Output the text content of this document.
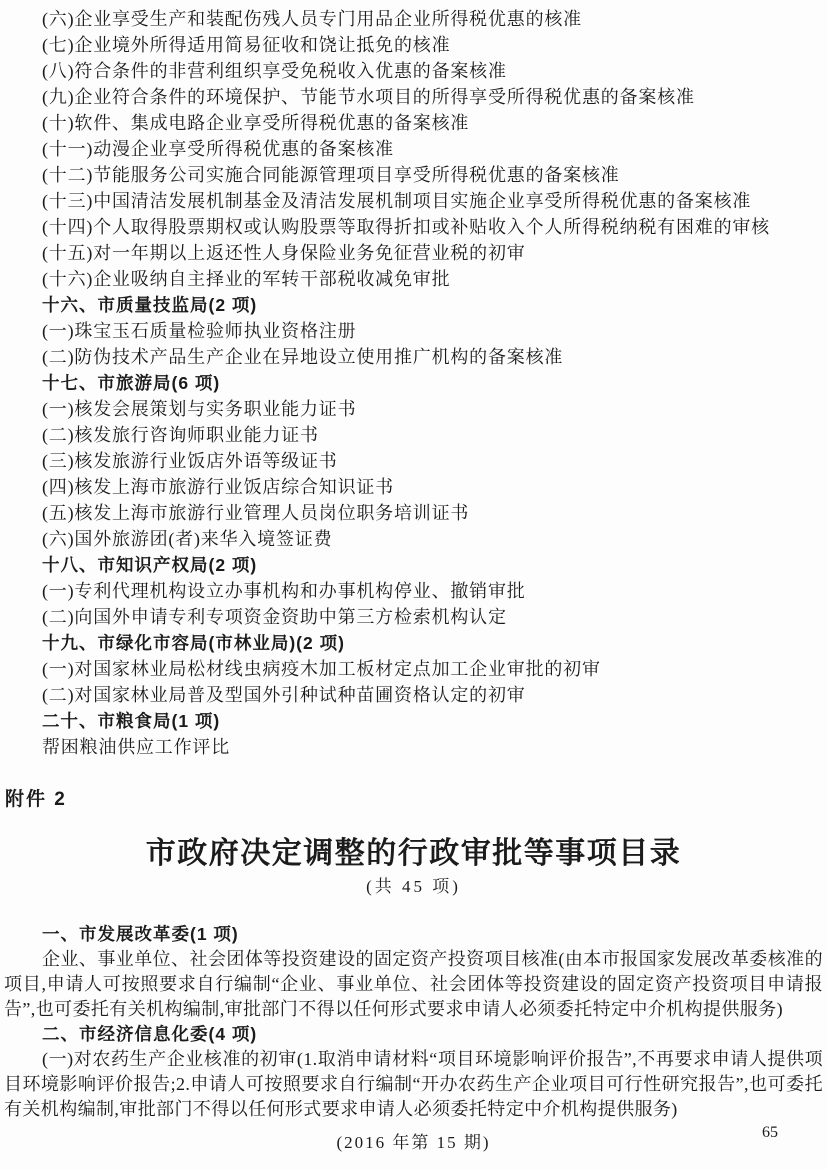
(六)企业享受生产和装配伤残人员专门用品企业所得税优惠的核准
(七)企业境外所得适用简易征收和饶让抵免的核准
(八)符合条件的非营利组织享受免税收入优惠的备案核准
(九)企业符合条件的环境保护、节能节水项目的所得享受所得税优惠的备案核准
(十)软件、集成电路企业享受所得税优惠的备案核准
(十一)动漫企业享受所得税优惠的备案核准
(十二)节能服务公司实施合同能源管理项目享受所得税优惠的备案核准
(十三)中国清洁发展机制基金及清洁发展机制项目实施企业享受所得税优惠的备案核准
(十四)个人取得股票期权或认购股票等取得折扣或补贴收入个人所得税纳税有困难的审核
(十五)对一年期以上返还性人身保险业务免征营业税的初审
(十六)企业吸纳自主择业的军转干部税收减免审批
十六、市质量技监局(2 项)
(一)珠宝玉石质量检验师执业资格注册
(二)防伪技术产品生产企业在异地设立使用推广机构的备案核准
十七、市旅游局(6 项)
(一)核发会展策划与实务职业能力证书
(二)核发旅行咨询师职业能力证书
(三)核发旅游行业饭店外语等级证书
(四)核发上海市旅游行业饭店综合知识证书
(五)核发上海市旅游行业管理人员岗位职务培训证书
(六)国外旅游团(者)来华入境签证费
十八、市知识产权局(2 项)
(一)专利代理机构设立办事机构和办事机构停业、撤销审批
(二)向国外申请专利专项资金资助中第三方检索机构认定
十九、市绿化市容局(市林业局)(2 项)
(一)对国家林业局松材线虫病疫木加工板材定点加工企业审批的初审
(二)对国家林业局普及型国外引种试种苗圃资格认定的初审
二十、市粮食局(1 项)
帮困粮油供应工作评比
附件 2
市政府决定调整的行政审批等事项目录
(共 45 项)
一、市发展改革委(1 项)

企业、事业单位、社会团体等投资建设的固定资产投资项目核准(由本市报国家发展改革委核准的项目,申请人可按照要求自行编制“企业、事业单位、社会团体等投资建设的固定资产投资项目申请报告”,也可委托有关机构编制,审批部门不得以任何形式要求申请人必须委托特定中介机构提供服务)

二、市经济信息化委(4 项)

(一)对农药生产企业核准的初审(1.取消申请材料“项目环境影响评价报告”,不再要求申请人提供项目环境影响评价报告;2.申请人可按照要求自行编制“开办农药生产企业项目可行性研究报告”,也可委托有关机构编制,审批部门不得以任何形式要求申请人必须委托特定中介机构提供服务)

(2016 年第 15 期)
65
